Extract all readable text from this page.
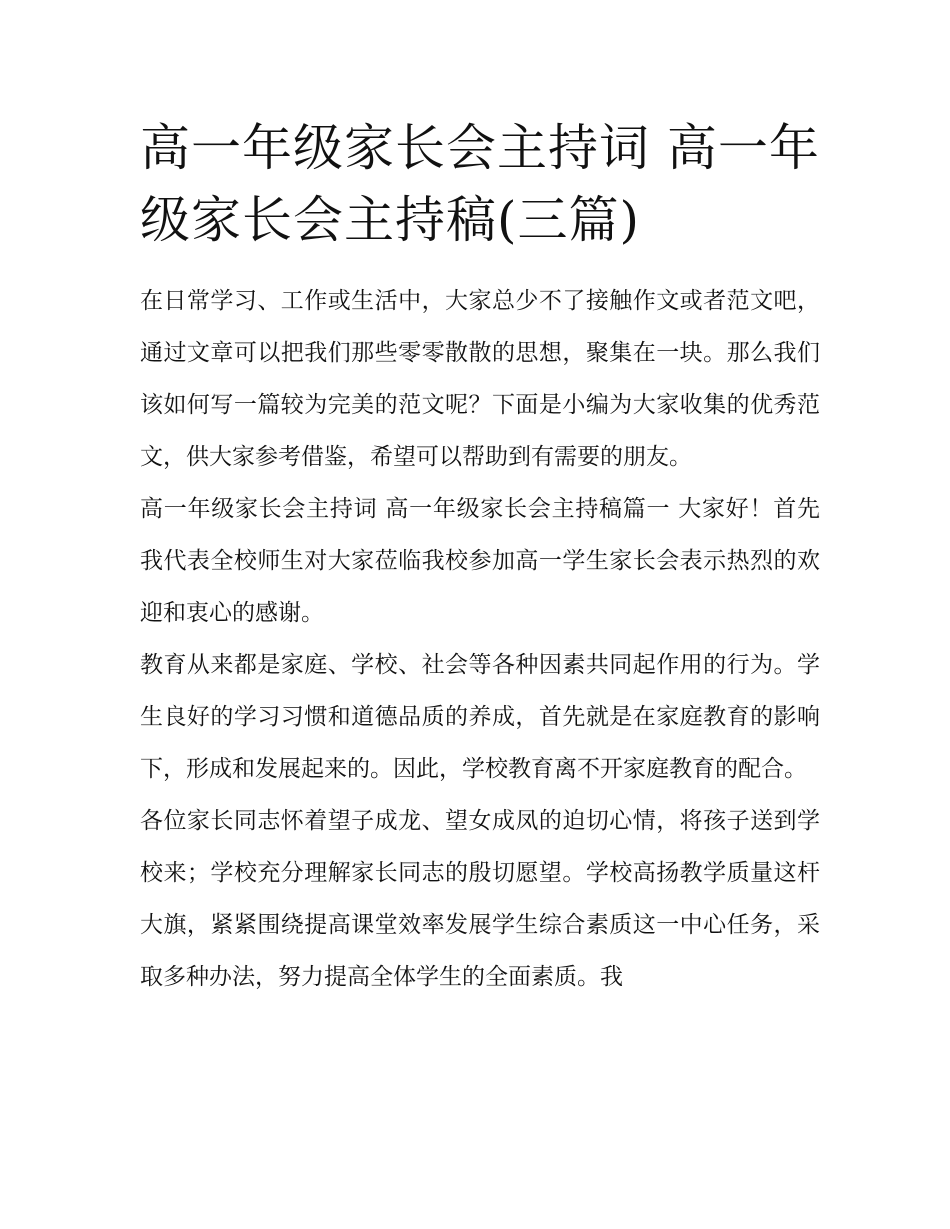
高一年级家长会主持词 高一年级家长会主持稿(三篇)

在日常学习、工作或生活中，大家总少不了接触作文或者范文吧，通过文章可以把我们那些零零散散的思想，聚集在一块。那么我们该如何写一篇较为完美的范文呢？下面是小编为大家收集的优秀范文，供大家参考借鉴，希望可以帮助到有需要的朋友。

高一年级家长会主持词 高一年级家长会主持稿篇一 大家好！首先我代表全校师生对大家莅临我校参加高一学生家长会表示热烈的欢迎和衷心的感谢。

教育从来都是家庭、学校、社会等各种因素共同起作用的行为。学生良好的学习习惯和道德品质的养成，首先就是在家庭教育的影响下，形成和发展起来的。因此，学校教育离不开家庭教育的配合。

各位家长同志怀着望子成龙、望女成凤的迫切心情，将孩子送到学校来；学校充分理解家长同志的殷切愿望。学校高扬教学质量这杆大旗，紧紧围绕提高课堂效率发展学生综合素质这一中心任务，采取多种办法，努力提高全体学生的全面素质。我
